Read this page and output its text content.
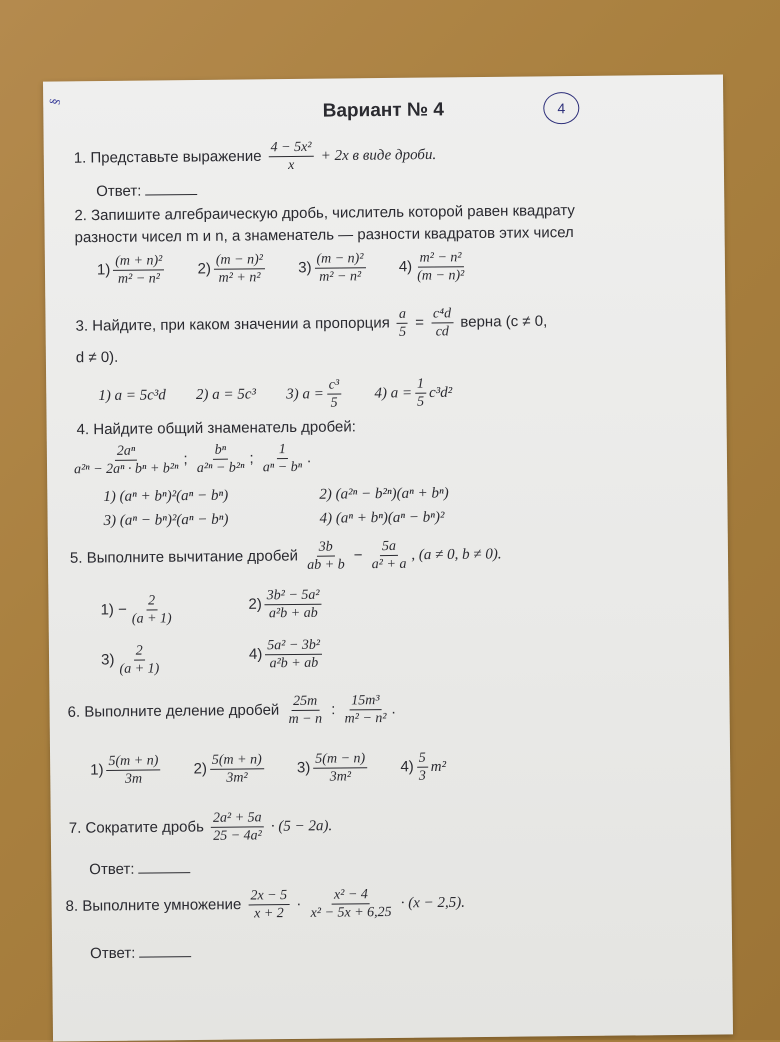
§	Вариант № 4	4
1. Представьте выражение $\frac{\text{4 − 5x²}}{x} + 2x$ в виде дроби.
Ответ:
2. Запишите алгебраическую дробь, числитель которой равен квадрату
разности чисел m и n, а знаменатель — разности квадратов этих чисел
$1) \frac{\text{(m + n)²}}{\text{m² − n²}} 2) \frac{\text{(m − n)²}}{\text{m² + n²}} 3) \frac{\text{(m − n)²}}{\text{m² − n²}} 4) \frac{\text{m² − n²}}{\text{(m − n)²}}$
3. Найдите, при каком значении a пропорция $\frac{a}{5} = \frac{\text{c⁴d}}{cd}$ верна (c ≠ 0,
d ≠ 0).
1) a = 5c³d 2) a = 5c³ 3) $a = \frac{\text{c³}}{5} 4$) $a = \frac{1}{5} c^3d^2$
4. Найдите общий знаменатель дробей:
$\frac{\text{2aⁿ}}{\text{a²ⁿ − 2aⁿ · bⁿ + b²ⁿ}}$ ; $\frac{\text{bⁿ}}{\text{a²ⁿ − b²ⁿ}}$ ; $\frac{1}{\text{aⁿ − bⁿ}}$ .
1) (aⁿ + bⁿ)²(aⁿ − bⁿ)	2) (a²ⁿ − b²ⁿ)(aⁿ + bⁿ)
3) (aⁿ − bⁿ)²(aⁿ − bⁿ)	4) (aⁿ + bⁿ)(aⁿ − bⁿ)²
5. Выполните вычитание дробей $\frac{3b}{ab + b} - \frac{5a}{\text{a² + a}}$ , (a ≠ 0, b ≠ 0).
$1) - \frac{2}{(a + 1)}$	$2) \frac{\text{3b² − 5a²}}{\text{a²b + ab}}$
$3) \frac{2}{(a + 1)}$	$4) \frac{\text{5a² − 3b²}}{\text{a²b + ab}}$
6. Выполните деление дробей $\frac{25m}{m - n}$ : $\frac{\text{15m³}}{\text{m² − n²}}$ .
$1) \frac{5(m + n)}{3m} 2) \frac{5(m + n)}{\text{3m²}} 3) \frac{5(m - n)}{\text{3m²}} 4) \frac{5}{3} m^2$
7. Сократите дробь $\frac{\text{2a² + 5a}}{\text{25 − 4a²}} \cdot (5 - 2a)$.
Ответ:
8. Выполните умножение $\frac{2x - 5}{x + 2} \cdot \frac{\text{x² − 4}}{\text{x² − 5x + 6,25}} \cdot (x - 2,5)$.
Ответ:
